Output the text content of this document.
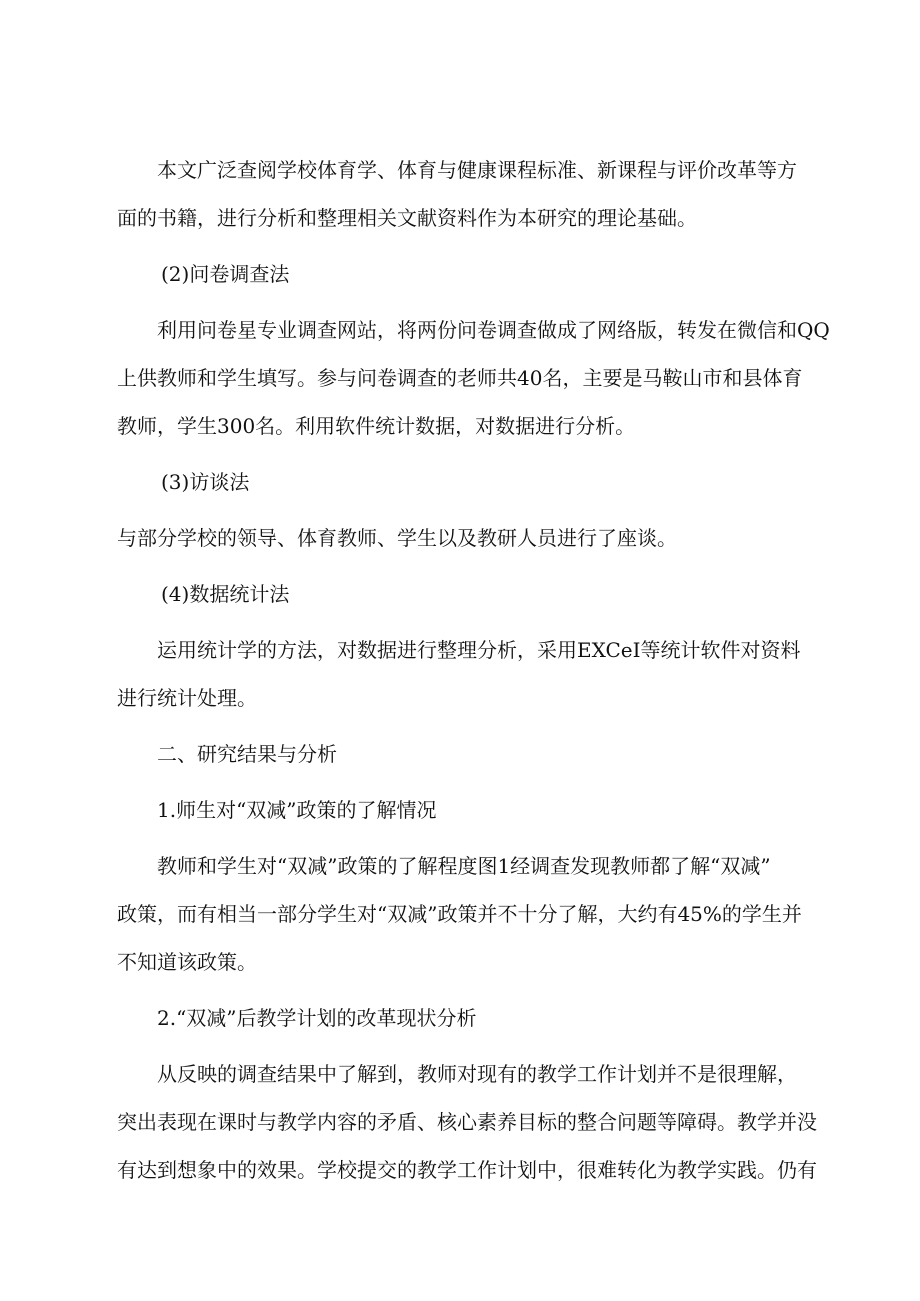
本文广泛查阅学校体育学、体育与健康课程标准、新课程与评价改革等方
面的书籍，进行分析和整理相关文献资料作为本研究的理论基础。
(2)问卷调查法
利用问卷星专业调查网站，将两份问卷调查做成了网络版，转发在微信和QQ
上供教师和学生填写。参与问卷调查的老师共40名，主要是马鞍山市和县体育
教师，学生300名。利用软件统计数据，对数据进行分析。
(3)访谈法
与部分学校的领导、体育教师、学生以及教研人员进行了座谈。
(4)数据统计法
运用统计学的方法，对数据进行整理分析，采用EXCeI等统计软件对资料
进行统计处理。
二、研究结果与分析
1.师生对“双减”政策的了解情况
教师和学生对“双减”政策的了解程度图1经调查发现教师都了解“双减”
政策，而有相当一部分学生对“双减”政策并不十分了解，大约有45%的学生并
不知道该政策。
2.“双减”后教学计划的改革现状分析
从反映的调查结果中了解到，教师对现有的教学工作计划并不是很理解，
突出表现在课时与教学内容的矛盾、核心素养目标的整合问题等障碍。教学并没
有达到想象中的效果。学校提交的教学工作计划中，很难转化为教学实践。仍有
